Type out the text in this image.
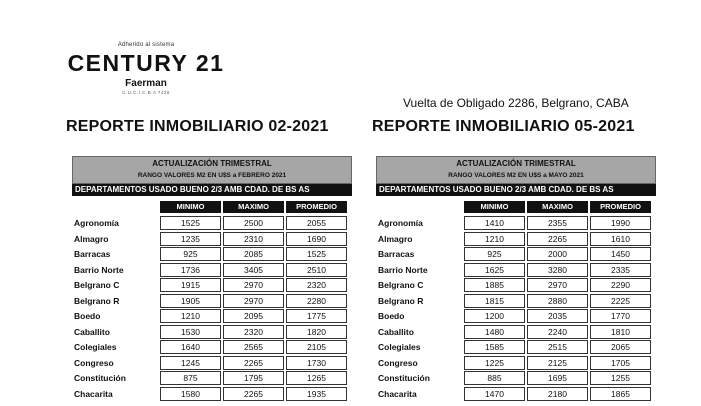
Adherido al sistema
CENTURY 21
Faerman
C.U.C.I.C.B.A 7426
Vuelta de Obligado 2286, Belgrano, CABA
REPORTE INMOBILIARIO 02-2021	REPORTE INMOBILIARIO 05-2021
ACTUALIZACIÓN TRIMESTRAL
RANGO VALORES M2 EN U$S a FEBRERO 2021
DEPARTAMENTOS USADO BUENO 2/3 AMB CDAD. DE BS AS
MINIMO	MAXIMO	PROMEDIO
Agronomía	1525	2500	2055
Almagro	1235	2310	1690
Barracas	925	2085	1525
Barrio Norte	1736	3405	2510
Belgrano C	1915	2970	2320
Belgrano R	1905	2970	2280
Boedo	1210	2095	1775
Caballito	1530	2320	1820
Colegiales	1640	2565	2105
Congreso	1245	2265	1730
Constitución	875	1795	1265
Chacarita	1580	2265	1935
ACTUALIZACIÓN TRIMESTRAL
RANGO VALORES M2 EN U$S a MAYO 2021
DEPARTAMENTOS USADO BUENO 2/3 AMB CDAD. DE BS AS
MINIMO	MAXIMO	PROMEDIO
Agronomía	1410	2355	1990
Almagro	1210	2265	1610
Barracas	925	2000	1450
Barrio Norte	1625	3280	2335
Belgrano C	1885	2970	2290
Belgrano R	1815	2880	2225
Boedo	1200	2035	1770
Caballito	1480	2240	1810
Colegiales	1585	2515	2065
Congreso	1225	2125	1705
Constitución	885	1695	1255
Chacarita	1470	2180	1865
